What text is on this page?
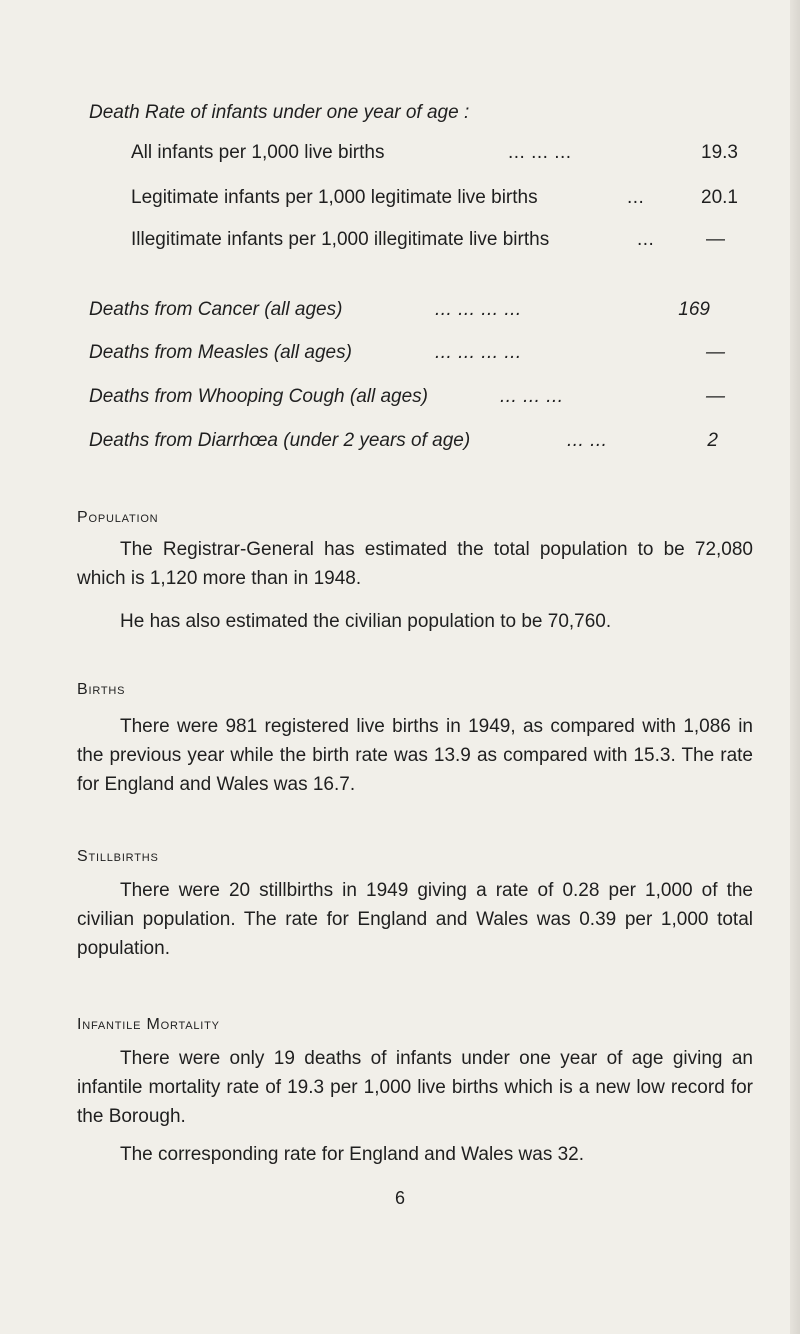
Death Rate of infants under one year of age :
All infants per 1,000 live births	... ... ...	19.3
Legitimate infants per 1,000 legitimate live births	...	20.1
Illegitimate infants per 1,000 illegitimate live births	...	—
Deaths from Cancer (all ages)	... ... ... ...	169
Deaths from Measles (all ages)	... ... ... ...	—
Deaths from Whooping Cough (all ages)	... ... ...	—
Deaths from Diarrhœa (under 2 years of age)	... ...	2
Population
The Registrar-General has estimated the total population to be 72,080 which is 1,120 more than in 1948.
He has also estimated the civilian population to be 70,760.
Births
There were 981 registered live births in 1949, as compared with 1,086 in the previous year while the birth rate was 13.9 as compared with 15.3. The rate for England and Wales was 16.7.
Stillbirths
There were 20 stillbirths in 1949 giving a rate of 0.28 per 1,000 of the civilian population. The rate for England and Wales was 0.39 per 1,000 total population.
Infantile Mortality
There were only 19 deaths of infants under one year of age giving an infantile mortality rate of 19.3 per 1,000 live births which is a new low record for the Borough.
The corresponding rate for England and Wales was 32.
6
